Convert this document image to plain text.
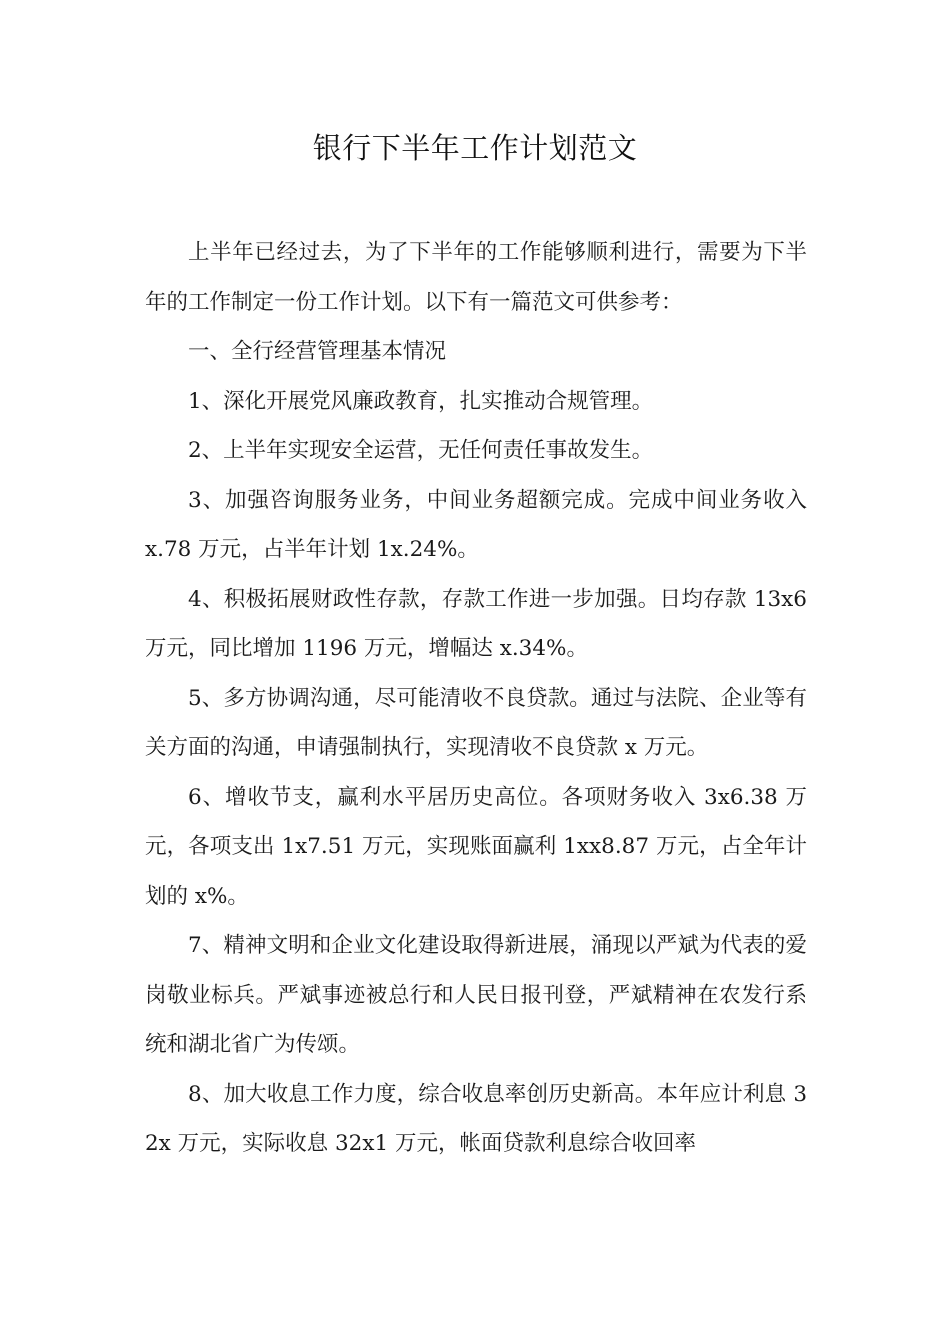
银行下半年工作计划范文

上半年已经过去，为了下半年的工作能够顺利进行，需要为下半年的工作制定一份工作计划。以下有一篇范文可供参考：

一、全行经营管理基本情况

1、深化开展党风廉政教育，扎实推动合规管理。

2、上半年实现安全运营，无任何责任事故发生。

3、加强咨询服务业务，中间业务超额完成。完成中间业务收入 x.78 万元，占半年计划 1x.24%。

4、积极拓展财政性存款，存款工作进一步加强。日均存款 13x6 万元，同比增加 1196 万元，增幅达 x.34%。

5、多方协调沟通，尽可能清收不良贷款。通过与法院、企业等有关方面的沟通，申请强制执行，实现清收不良贷款 x 万元。

6、增收节支，赢利水平居历史高位。各项财务收入 3x6.38 万元，各项支出 1x7.51 万元，实现账面赢利 1xx8.87 万元，占全年计划的 x%。

7、精神文明和企业文化建设取得新进展，涌现以严斌为代表的爱岗敬业标兵。严斌事迹被总行和人民日报刊登，严斌精神在农发行系统和湖北省广为传颂。

8、加大收息工作力度，综合收息率创历史新高。本年应计利息 32x 万元，实际收息 32x1 万元，帐面贷款利息综合收回率
